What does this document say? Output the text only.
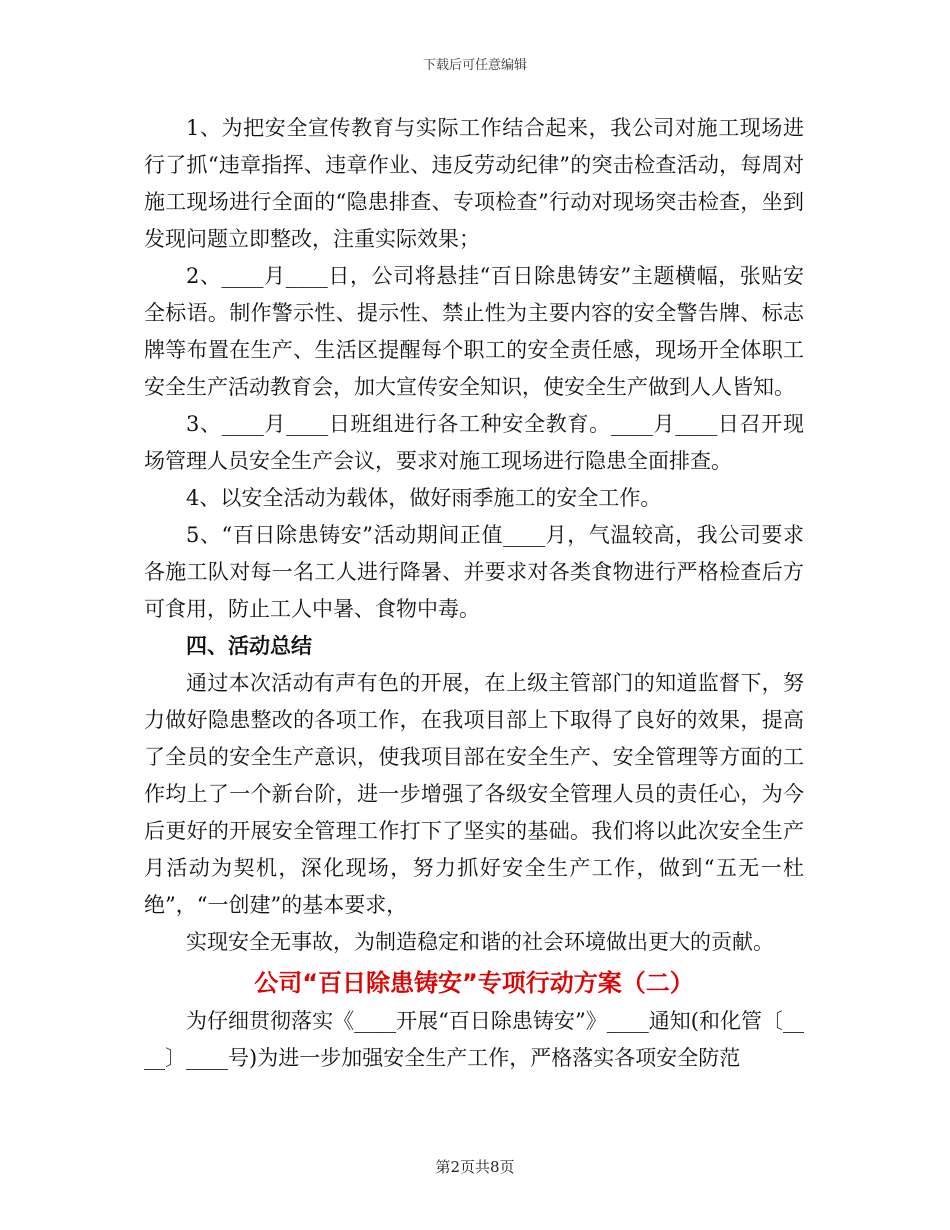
下载后可任意编辑

1、为把安全宣传教育与实际工作结合起来，我公司对施工现场进行了抓“违章指挥、违章作业、违反劳动纪律”的突击检查活动，每周对施工现场进行全面的“隐患排查、专项检查”行动对现场突击检查，坐到发现问题立即整改，注重实际效果；

2、____月____日，公司将悬挂“百日除患铸安”主题横幅，张贴安全标语。制作警示性、提示性、禁止性为主要内容的安全警告牌、标志牌等布置在生产、生活区提醒每个职工的安全责任感，现场开全体职工安全生产活动教育会，加大宣传安全知识，使安全生产做到人人皆知。

3、____月____日班组进行各工种安全教育。____月____日召开现场管理人员安全生产会议，要求对施工现场进行隐患全面排查。

4、以安全活动为载体，做好雨季施工的安全工作。

5、“百日除患铸安”活动期间正值____月，气温较高，我公司要求各施工队对每一名工人进行降暑、并要求对各类食物进行严格检查后方可食用，防止工人中暑、食物中毒。

四、活动总结

通过本次活动有声有色的开展，在上级主管部门的知道监督下，努力做好隐患整改的各项工作，在我项目部上下取得了良好的效果，提高了全员的安全生产意识，使我项目部在安全生产、安全管理等方面的工作均上了一个新台阶，进一步增强了各级安全管理人员的责任心，为今后更好的开展安全管理工作打下了坚实的基础。我们将以此次安全生产月活动为契机，深化现场，努力抓好安全生产工作，做到“五无一杜绝”，“一创建”的基本要求，

实现安全无事故，为制造稳定和谐的社会环境做出更大的贡献。

公司“百日除患铸安”专项行动方案（二）

为仔细贯彻落实《____开展“百日除患铸安”》____通知(和化管〔____〕____号)为进一步加强安全生产工作，严格落实各项安全防范

第2页共8页
